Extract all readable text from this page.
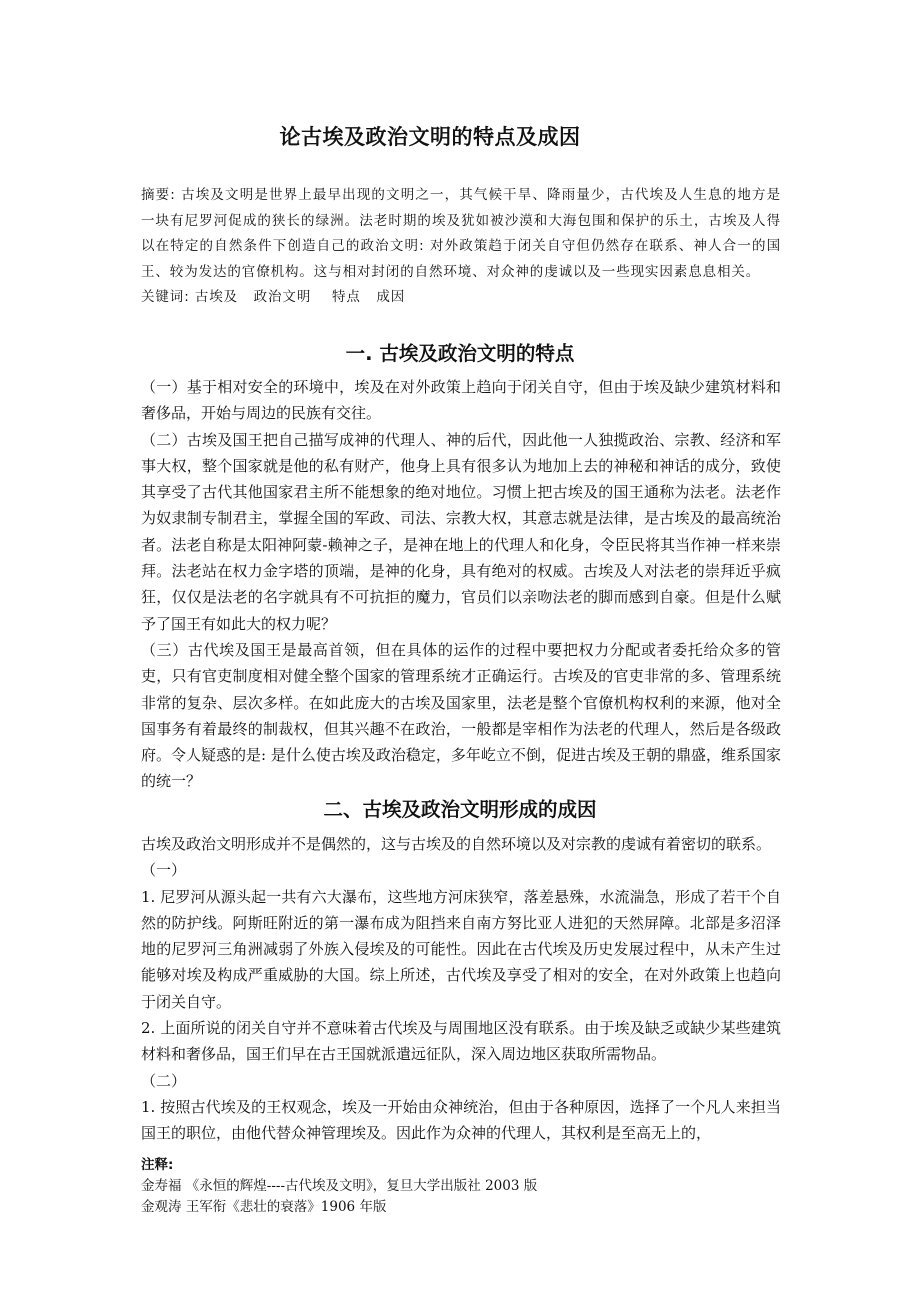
论古埃及政治文明的特点及成因

摘要: 古埃及文明是世界上最早出现的文明之一，其气候干旱、降雨量少，古代埃及人生息的地方是一块有尼罗河促成的狭长的绿洲。法老时期的埃及犹如被沙漠和大海包围和保护的乐土，古埃及人得以在特定的自然条件下创造自己的政治文明: 对外政策趋于闭关自守但仍然存在联系、神人合一的国王、较为发达的官僚机构。这与相对封闭的自然环境、对众神的虔诚以及一些现实因素息息相关。

关键词: 古埃及   政治文明    特点   成因

一. 古埃及政治文明的特点

（一）基于相对安全的环境中，埃及在对外政策上趋向于闭关自守，但由于埃及缺少建筑材料和奢侈品，开始与周边的民族有交往。

（二）古埃及国王把自己描写成神的代理人、神的后代，因此他一人独揽政治、宗教、经济和军事大权，整个国家就是他的私有财产，他身上具有很多认为地加上去的神秘和神话的成分，致使其享受了古代其他国家君主所不能想象的绝对地位。习惯上把古埃及的国王通称为法老。法老作为奴隶制专制君主，掌握全国的军政、司法、宗教大权，其意志就是法律，是古埃及的最高统治者。法老自称是太阳神阿蒙-赖神之子，是神在地上的代理人和化身，令臣民将其当作神一样来崇拜。法老站在权力金字塔的顶端，是神的化身，具有绝对的权威。古埃及人对法老的崇拜近乎疯狂，仅仅是法老的名字就具有不可抗拒的魔力，官员们以亲吻法老的脚而感到自豪。但是什么赋予了国王有如此大的权力呢？

（三）古代埃及国王是最高首领，但在具体的运作的过程中要把权力分配或者委托给众多的管吏，只有官吏制度相对健全整个国家的管理系统才正确运行。古埃及的官吏非常的多、管理系统非常的复杂、层次多样。在如此庞大的古埃及国家里，法老是整个官僚机构权利的来源，他对全国事务有着最终的制裁权，但其兴趣不在政治，一般都是宰相作为法老的代理人，然后是各级政府。令人疑惑的是: 是什么使古埃及政治稳定，多年屹立不倒，促进古埃及王朝的鼎盛，维系国家的统一？

二、古埃及政治文明形成的成因

古埃及政治文明形成并不是偶然的，这与古埃及的自然环境以及对宗教的虔诚有着密切的联系。

（一）

1. 尼罗河从源头起一共有六大瀑布，这些地方河床狭窄，落差悬殊，水流湍急，形成了若干个自然的防护线。阿斯旺附近的第一瀑布成为阻挡来自南方努比亚人进犯的天然屏障。北部是多沼泽地的尼罗河三角洲减弱了外族入侵埃及的可能性。因此在古代埃及历史发展过程中，从未产生过能够对埃及构成严重威胁的大国。综上所述，古代埃及享受了相对的安全，在对外政策上也趋向于闭关自守。

2. 上面所说的闭关自守并不意味着古代埃及与周围地区没有联系。由于埃及缺乏或缺少某些建筑材料和奢侈品，国王们早在古王国就派遣远征队，深入周边地区获取所需物品。

（二）

1. 按照古代埃及的王权观念，埃及一开始由众神统治，但由于各种原因，选择了一个凡人来担当国王的职位，由他代替众神管理埃及。因此作为众神的代理人，其权利是至高无上的，

注释:
金寿福 《永恒的辉煌----古代埃及文明》，复旦大学出版社 2003 版
金观涛 王军衔《悲壮的衰落》1906 年版
